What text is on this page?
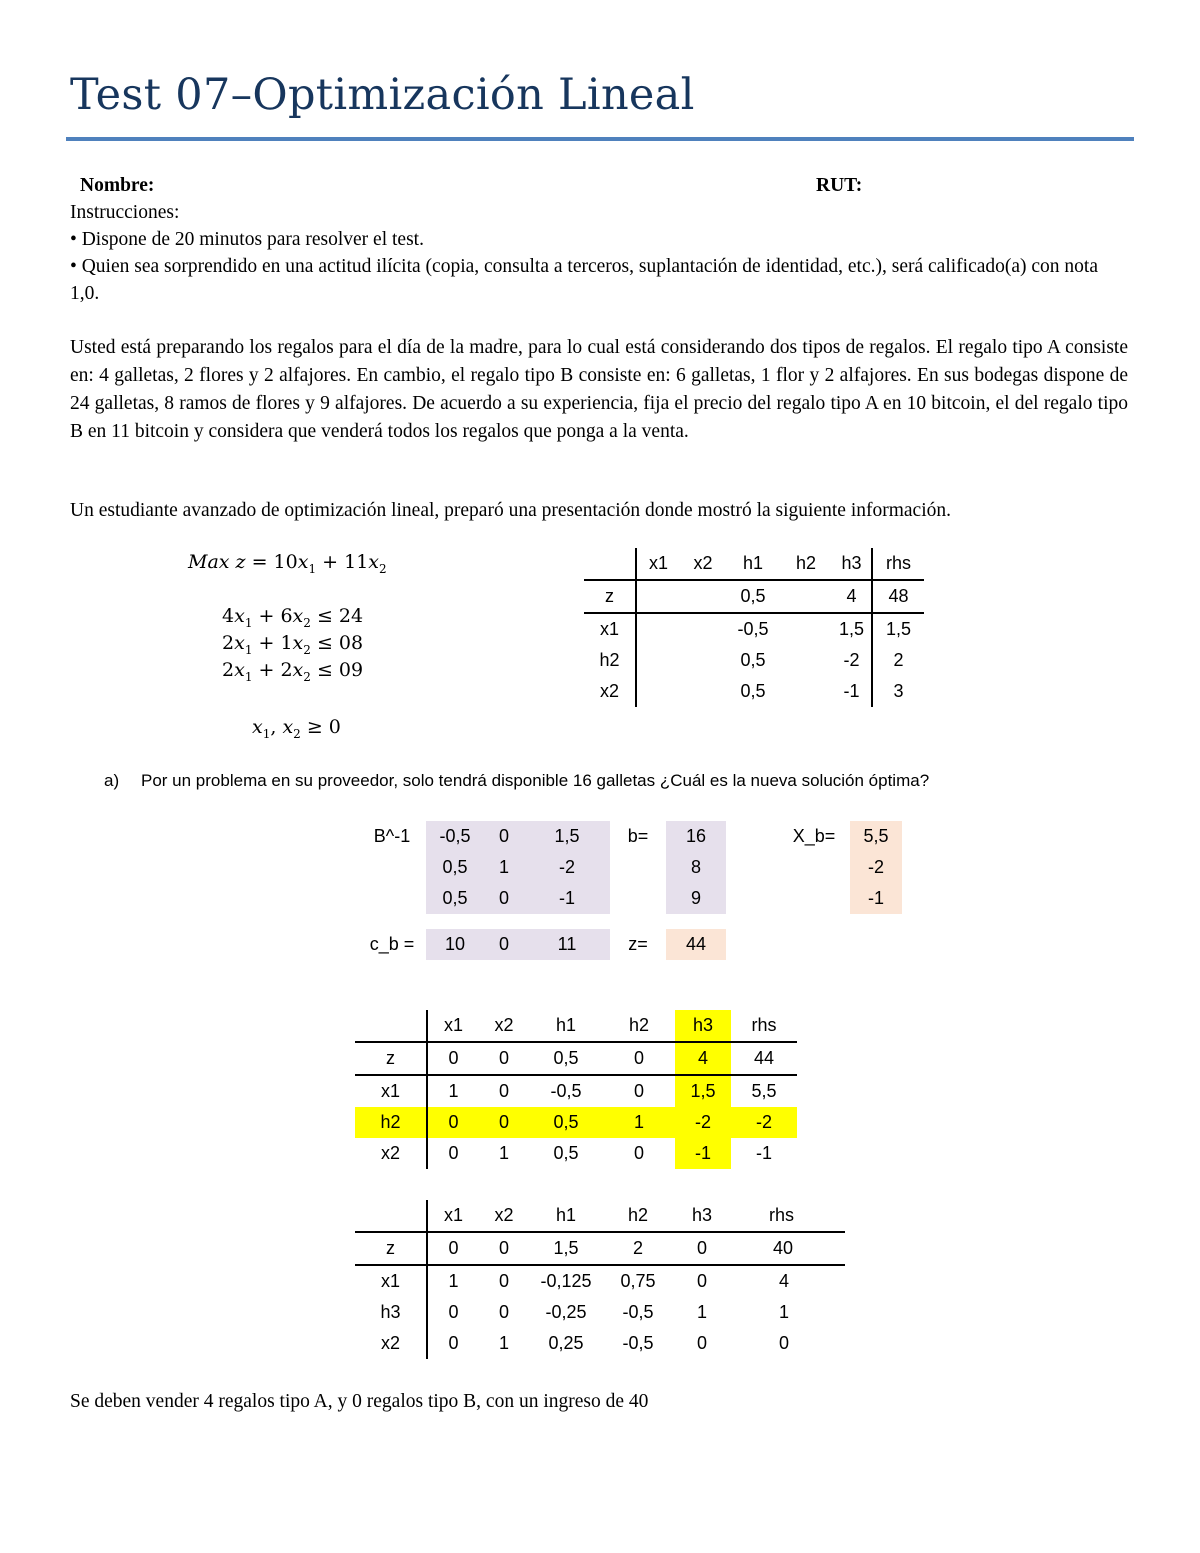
Test 07–Optimización Lineal
Nombre:	RUT:
Instrucciones:
• Dispone de 20 minutos para resolver el test.
• Quien sea sorprendido en una actitud ilícita (copia, consulta a terceros, suplantación de identidad, etc.), será calificado(a) con nota 1,0.
Usted está preparando los regalos para el día de la madre, para lo cual está considerando dos tipos de regalos. El regalo tipo A consiste en: 4 galletas, 2 flores y 2 alfajores. En cambio, el regalo tipo B consiste en: 6 galletas, 1 flor y 2 alfajores. En sus bodegas dispone de 24 galletas, 8 ramos de flores y 9 alfajores. De acuerdo a su experiencia, fija el precio del regalo tipo A en 10 bitcoin, el del regalo tipo B en 11 bitcoin y considera que venderá todos los regalos que ponga a la venta.
Un estudiante avanzado de optimización lineal, preparó una presentación donde mostró la siguiente información.
Max $z = 10x_1 + 11x_2$
$4x_1 + 6x_2 \le 24$
$2x_1 + 1x_2 \le 08$
$2x_1 + 2x_2 \le 09$
$x_1$, $x_2 \ge 0$
	x1	x2	h1	h2	h3	rhs
z			0,5		4	48
x1			-0,5		1,5	1,5
h2			0,5		-2	2
x2			0,5		-1	3
a) Por un problema en su proveedor, solo tendrá disponible 16 galletas ¿Cuál es la nueva solución óptima?
B^-1	-0,5	0	1,5	b=	16		X_b=	5,5
	0,5	1	-2		8			-2
	0,5	0	-1		9			-1

c_b =	10	0	11	z=	44			
	x1	x2	h1	h2	h3	rhs
z	0	0	0,5	0	4	44
x1	1	0	-0,5	0	1,5	5,5
h2	0	0	0,5	1	-2	-2
x2	0	1	0,5	0	-1	-1
	x1	x2	h1	h2	h3	rhs
z	0	0	1,5	2	0	40
x1	1	0	-0,125	0,75	0	4
h3	0	0	-0,25	-0,5	1	1
x2	0	1	0,25	-0,5	0	0
Se deben vender 4 regalos tipo A, y 0 regalos tipo B, con un ingreso de 40
